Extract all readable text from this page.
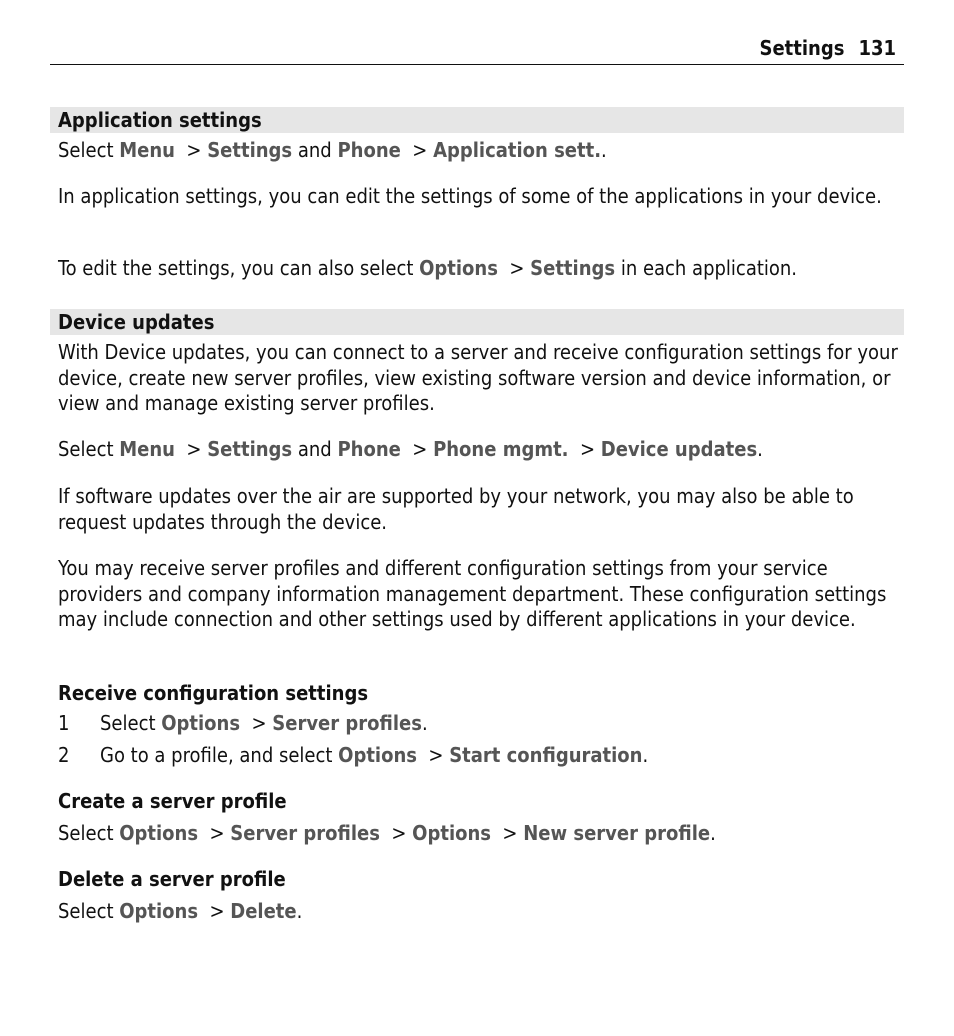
Settings 131
Application settings

Select Menu  > Settings and Phone  > Application sett..

In application settings, you can edit the settings of some of the applications in your device.

To edit the settings, you can also select Options  > Settings in each application.

Device updates

With Device updates, you can connect to a server and receive configuration settings for your device, create new server profiles, view existing software version and device information, or view and manage existing server profiles.

Select Menu  > Settings and Phone  > Phone mgmt.  > Device updates.

If software updates over the air are supported by your network, you may also be able to request updates through the device.

You may receive server profiles and different configuration settings from your service providers and company information management department. These configuration settings may include connection and other settings used by different applications in your device.

Receive configuration settings
1 Select Options  > Server profiles.
2 Go to a profile, and select Options  > Start configuration.
Create a server profile

Select Options  > Server profiles  > Options  > New server profile.

Delete a server profile

Select Options  > Delete.
